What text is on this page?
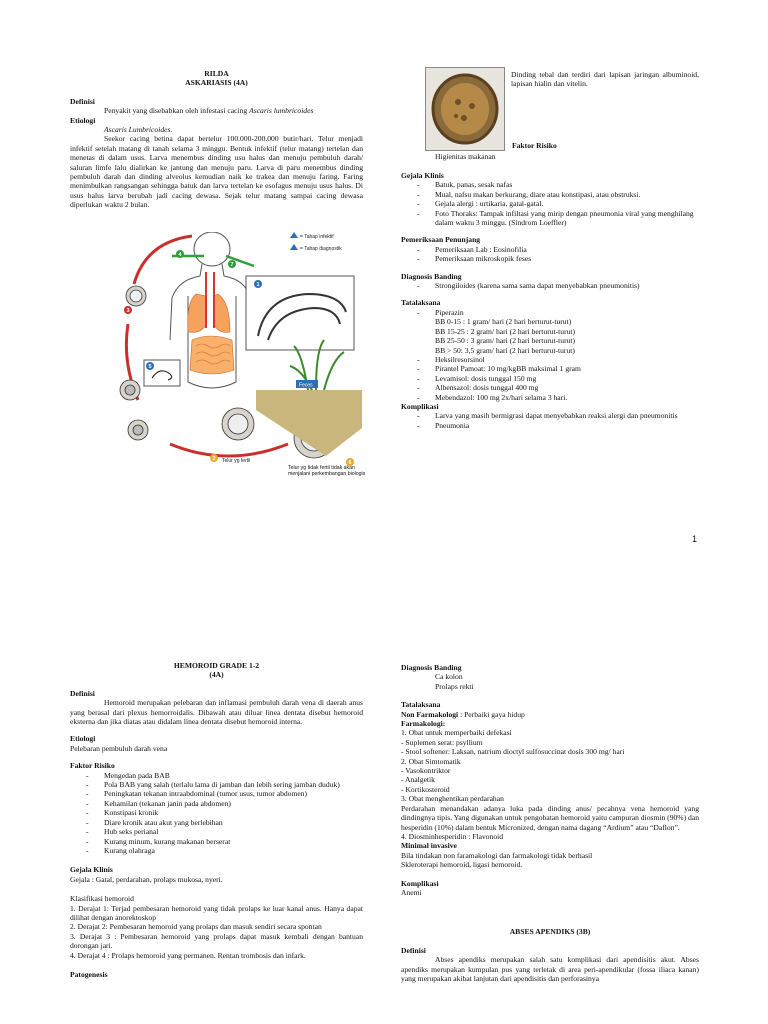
RILDA
ASKARIASIS (4A)
Definisi
Penyakit yang disebabkan oleh infestasi cacing Ascaris lumbricoides
Etiologi
Ascaris Lumbricoides.
Seekor cacing betina dapat bertelur 100.000-200.000 butir/hari. Telur menjadi infektif setelah matang di tanah selama 3 minggu. Bentuk infektif (telur matang) tertelan dan menetas di dalam usus. Larva menembus dinding usu halus dan menuju pembuluh darah/ saluran limfe lalu dialirkan ke jantung dan menuju paru. Larva di paru menembus dinding pembuluh darah dan dinding alveolus kemudian naik ke trakea dan menuju faring. Faring menimbulkan rangsangan sehingga batuk dan larva tertelan ke esofagus menuju usus halus. Di usus halus larva berubah jadi cacing dewasa. Sejak telur matang sampai cacing dewasa diperlukan waktu 2 bulan.
Feces
= Tahap infektif
= Tahap diagnostik
1
2
3
4
5
6
7
Telur yg fertil
Telur yg tidak fertil tidak akan menjalani perkembangan biologis
Dinding tebal dan terdiri dari lapisan jaringan albuminoid, lapisan hialin dan vitelin.
Faktor Risiko
Higienitas makanan
Gejala Klinis
- Batuk, panas, sesak nafas
- Mual, nafsu makan berkurang, diare atau konstipasi, atau obstruksi.
- Gejala alergi : urtikaria, gatal-gatal.
- Foto Thoraks: Tampak infiltasi yang mirip dengan pneumonia viral yang menghilang dalam waktu 3 minggu. (Sindrom Loeffler)
Pemeriksaan Penunjang
- Pemeriksaan Lab : Eosinofilia
- Pemeriksaan mikroskopik feses
Diagnosis Banding
- Strongiloides (karena sama sama dapat menyebabkan pneumonitis)
Tatalaksana
- Piperazin
BB 0-15 : 1 gram/ hari (2 hari berturut-turut)
BB 15-25 : 2 gram/ hari (2 hari berturut-turut)
BB 25-50 : 3 gram/ hari (2 hari berturut-turut)
BB > 50: 3,5 gram/ hari (2 hari berturut-turut)
- Heksilresorsinol
- Pirantel Pamoat: 10 mg/kgBB maksimal 1 gram
- Levamisol: dosis tunggal 150 mg
- Albensazol: dosis tunggal 400 mg
- Mebendazol: 100 mg 2x/hari selama 3 hari.
Komplikasi
- Larva yang masih bermigrasi dapat menyebabkan reaksi alergi dan pneumonitis
- Pneumonia
1
HEMOROID GRADE 1-2
(4A)
Definisi
Hemoroid merupakan pelebaran dan inflamasi pembuluh darah vena di daerah anus yang berasal dari plexus hemorroidalis. Dibawah atau diluar linea dentata disebut hemoroid eksterna dan jika diatas atau didalam linea dentata disebut hemoroid interna.
Etiologi
Pelebaran pembuluh darah vena
Faktor Risiko
- Mengedan pada BAB
- Pola BAB yang salah (terlalu lama di jamban dan lebih sering jamban duduk)
- Peningkatan tekanan intraabdominal (tumor usus, tumor abdomen)
- Kehamilan (tekanan janin pada abdomen)
- Konstipasi kronik
- Diare kronik atau akut yang berlebihan
- Hub seks perianal
- Kurang minum, kurang makanan berserat
- Kurang olahraga
Gejala Klinis
Gejala : Gatal, perdarahan, prolaps mukosa, nyeri.
Klasifikasi hemoroid
1. Derajat 1: Terjad pembesaran hemoroid yang tidak prolaps ke luar kanal anus. Hanya dapat dilihat dengan anorektoskop
2. Derajat 2: Pembesaran hemoroid yang prolaps dan masuk sendiri secara spontan
3. Derajat 3 : Pembesaran hemoroid yang prolaps dapat masuk kembali dengan bantuan dorongan jari.
4. Derajat 4 : Prolaps hemoroid yang permanen. Rentan trombosis dan infark.
Patogenesis
Diagnosis Banding
Ca kolon
Prolaps rekti
Tatalaksana
Non Farmakologi : Perbaiki gaya hidup
Farmakologi:
1. Obat untuk memperbaiki defekasi
- Suplemen serat: psyllium
- Stool softener: Laksan, natrium dioctyl sulfosuccinat dosis 300 mg/ hari
2. Obat Simtomatik
- Vasokontriktor
- Analgetik
- Kortikosteroid
3. Obat menghentikan perdarahan
Perdarahan menandakan adanya luka pada dinding anus/ pecahnya vena hemoroid yang dindingnya tipis. Yang digunakan untuk pengobatan hemoroid yaitu campuran diosmin (90%) dan hesperidin (10%) dalam bentuk Micronized, dengan nama dagang “Ardium” atau “Daflon”.
4. Diosminhesperidin : Flavonoid
Minimal invasive
Bila tindakan non faramakologi dan farmakologi tidak berhasil
Skleroterapi hemoroid, ligasi hemoroid.
Komplikasi
Anemi
ABSES APENDIKS (3B)
Definisi
Abses apendiks merupakan salah satu komplikasi dari apendisitis akut. Abses apendiks merupakan kumpulan pus yang terletak di area peri-apendikular (fossa iliaca kanan) yang merupakan akibat lanjutan dari apendisitis dan perforasinya
